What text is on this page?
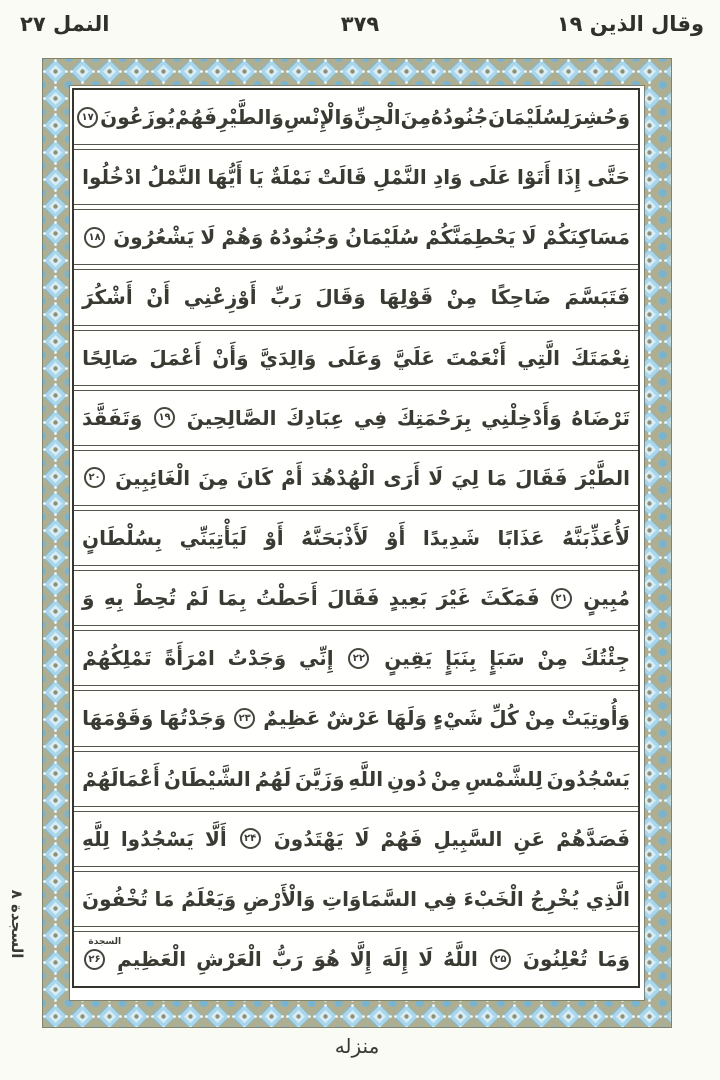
وقال الذين ۱۹
۳۷۹
النمل ۲۷
وَحُشِرَ
لِسُلَيْمَانَ
جُنُودُهُ
مِنَ
الْجِنِّ
وَالْإِنْسِ
وَالطَّيْرِ
فَهُمْ
يُوزَعُونَ
۱۷
حَتَّى
إِذَا
أَتَوْا
عَلَى
وَادِ
النَّمْلِ
قَالَتْ
نَمْلَةٌ
يَا
أَيُّهَا
النَّمْلُ
ادْخُلُوا
مَسَاكِنَكُمْ
لَا
يَحْطِمَنَّكُمْ
سُلَيْمَانُ
وَجُنُودُهُ
وَهُمْ
لَا
يَشْعُرُونَ
۱۸
فَتَبَسَّمَ
ضَاحِكًا
مِنْ
قَوْلِهَا
وَقَالَ
رَبِّ
أَوْزِعْنِي
أَنْ
أَشْكُرَ
نِعْمَتَكَ
الَّتِي
أَنْعَمْتَ
عَلَيَّ
وَعَلَى
وَالِدَيَّ
وَأَنْ
أَعْمَلَ
صَالِحًا
تَرْضَاهُ
وَأَدْخِلْنِي
بِرَحْمَتِكَ
فِي
عِبَادِكَ
الصَّالِحِينَ
۱۹
وَتَفَقَّدَ
الطَّيْرَ
فَقَالَ
مَا
لِيَ
لَا
أَرَى
الْهُدْهُدَ
أَمْ
كَانَ
مِنَ
الْغَائِبِينَ
۲۰
لَأُعَذِّبَنَّهُ
عَذَابًا
شَدِيدًا
أَوْ
لَأَذْبَحَنَّهُ
أَوْ
لَيَأْتِيَنِّي
بِسُلْطَانٍ
مُبِينٍ
۲۱
فَمَكَثَ
غَيْرَ
بَعِيدٍ
فَقَالَ
أَحَطْتُ
بِمَا
لَمْ
تُحِطْ
بِهِ
وَ
جِئْتُكَ
مِنْ
سَبَإٍ
بِنَبَإٍ
يَقِينٍ
۲۲
إِنِّي
وَجَدْتُ
امْرَأَةً
تَمْلِكُهُمْ
وَأُوتِيَتْ
مِنْ
كُلِّ
شَيْءٍ
وَلَهَا
عَرْشٌ
عَظِيمٌ
۲۳
وَجَدْتُهَا
وَقَوْمَهَا
يَسْجُدُونَ
لِلشَّمْسِ
مِنْ
دُونِ
اللَّهِ
وَزَيَّنَ
لَهُمُ
الشَّيْطَانُ
أَعْمَالَهُمْ
فَصَدَّهُمْ
عَنِ
السَّبِيلِ
فَهُمْ
لَا
يَهْتَدُونَ
۲۴
أَلَّا
يَسْجُدُوا
لِلَّهِ
الَّذِي
يُخْرِجُ
الْخَبْءَ
فِي
السَّمَاوَاتِ
وَالْأَرْضِ
وَيَعْلَمُ
مَا
تُخْفُونَ
وَمَا
تُعْلِنُونَ
۲۵
اللَّهُ
لَا
إِلَهَ
إِلَّا
هُوَ
رَبُّ
الْعَرْشِ
الْعَظِيمِ
السجدة
۲۶
السجدة ۸
منزله
